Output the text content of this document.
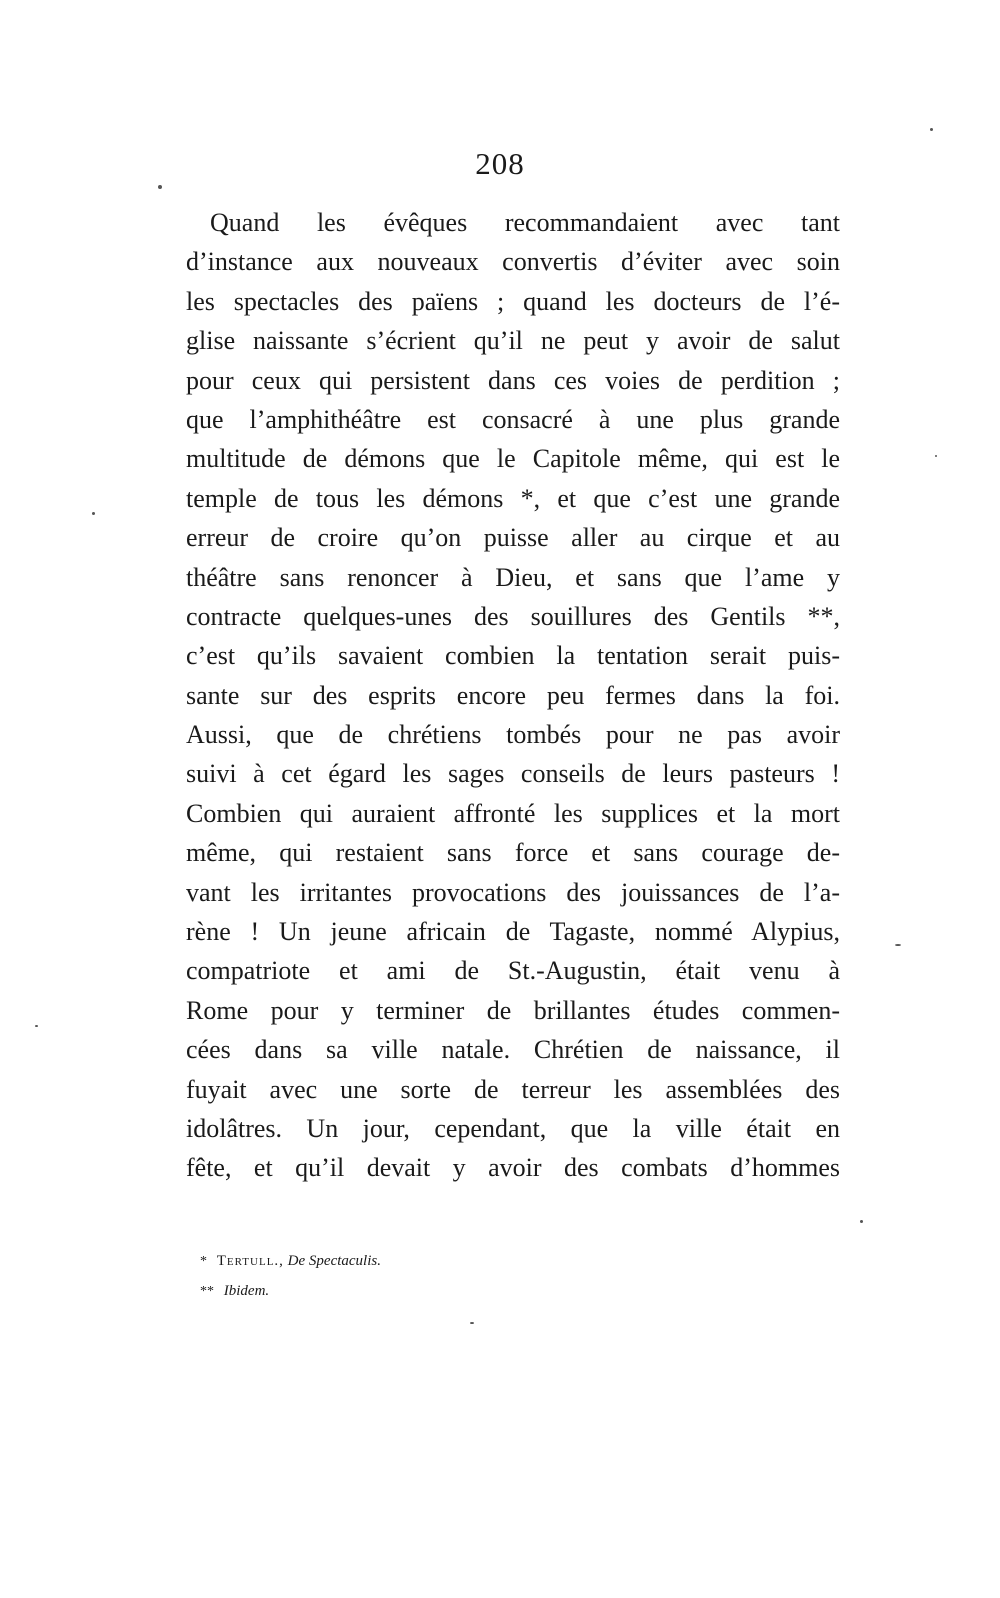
208
Quand les évêques recommandaient avec tant
d’instance aux nouveaux convertis d’éviter avec soin
les spectacles des païens ; quand les docteurs de l’é-
glise naissante s’écrient qu’il ne peut y avoir de salut
pour ceux qui persistent dans ces voies de perdition ;
que l’amphithéâtre est consacré à une plus grande
multitude de démons que le Capitole même, qui est le
temple de tous les démons *, et que c’est une grande
erreur de croire qu’on puisse aller au cirque et au
théâtre sans renoncer à Dieu, et sans que l’ame y
contracte quelques-unes des souillures des Gentils **,
c’est qu’ils savaient combien la tentation serait puis-
sante sur des esprits encore peu fermes dans la foi.
Aussi, que de chrétiens tombés pour ne pas avoir
suivi à cet égard les sages conseils de leurs pasteurs !
Combien qui auraient affronté les supplices et la mort
même, qui restaient sans force et sans courage de-
vant les irritantes provocations des jouissances de l’a-
rène ! Un jeune africain de Tagaste, nommé Alypius,
compatriote et ami de St.-Augustin, était venu à
Rome pour y terminer de brillantes études commen-
cées dans sa ville natale. Chrétien de naissance, il
fuyait avec une sorte de terreur les assemblées des
idolâtres. Un jour, cependant, que la ville était en
fête, et qu’il devait y avoir des combats d’hommes
* Tertull., De Spectaculis.
** Ibidem.
